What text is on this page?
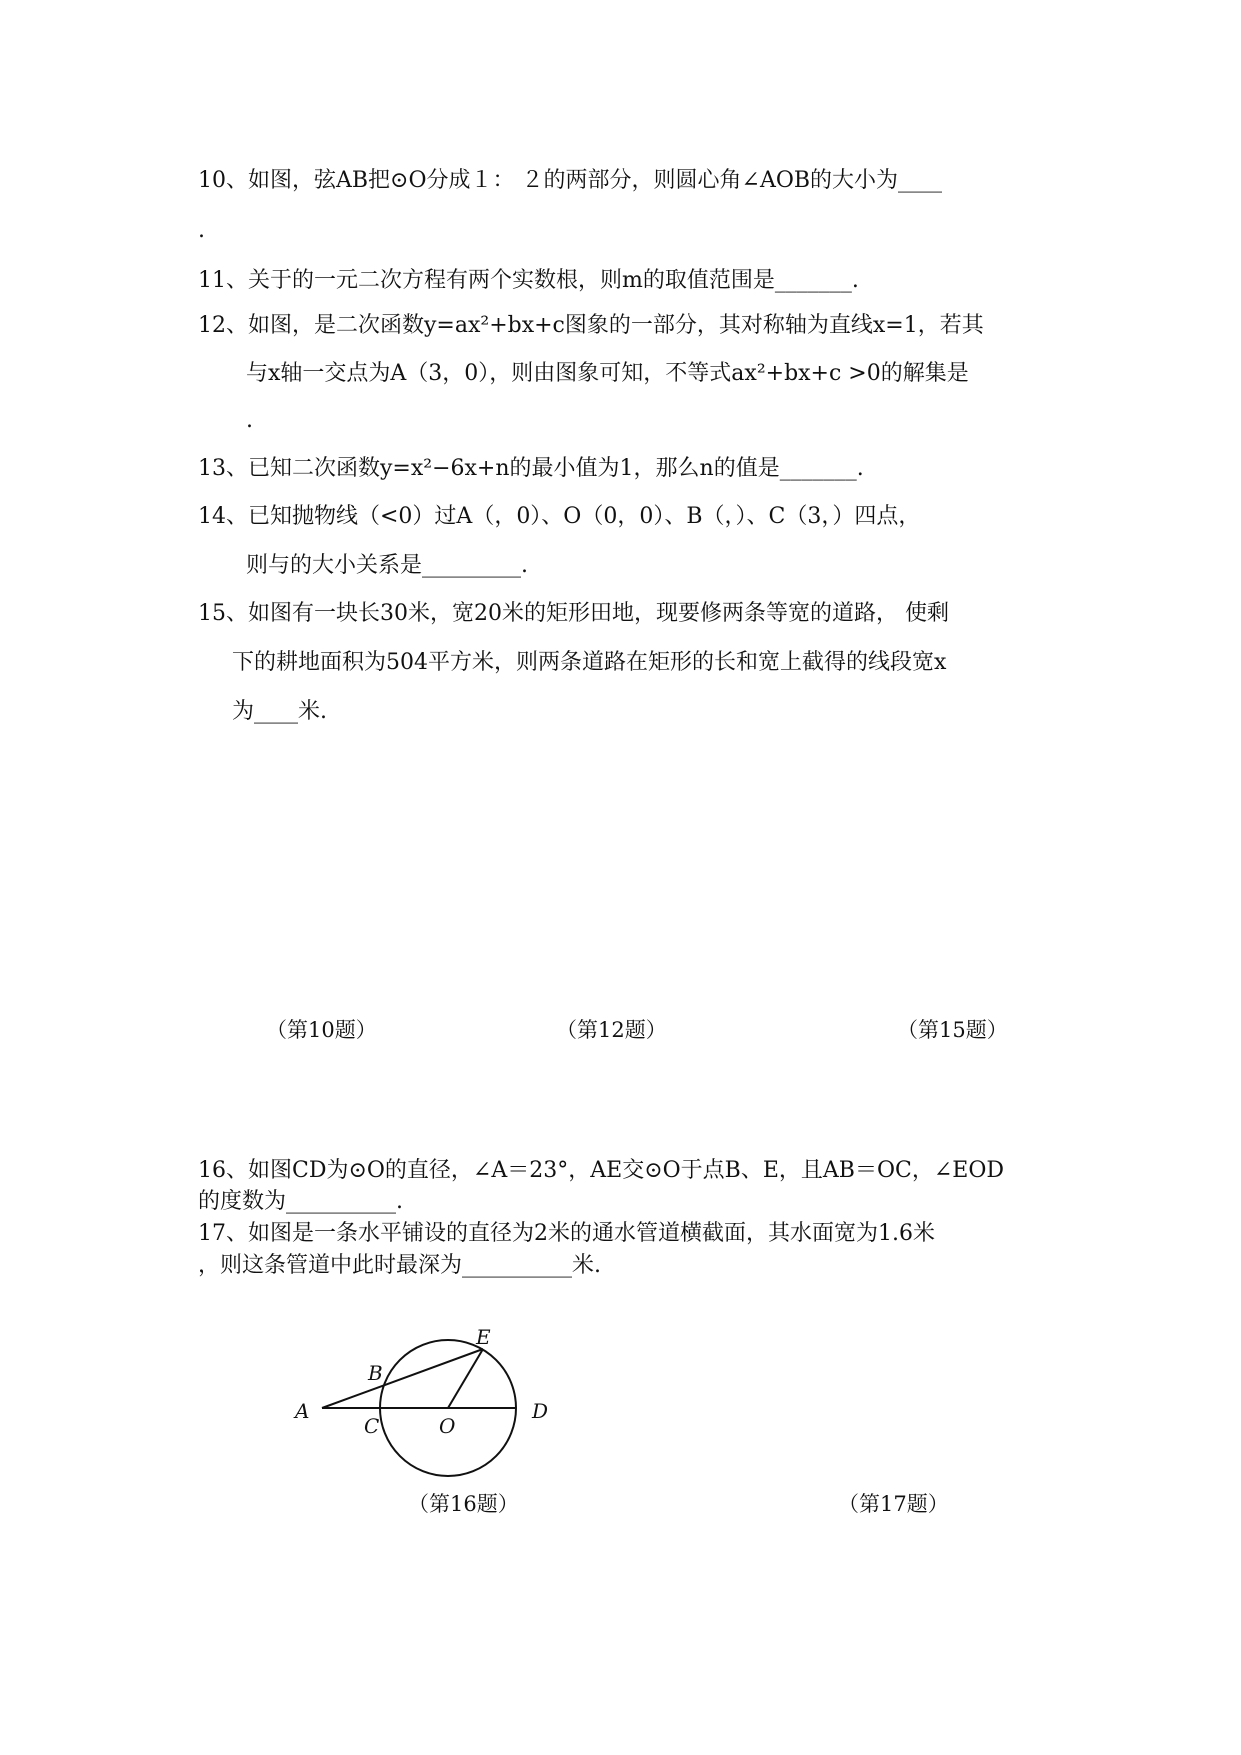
10、如图，弦AB把⊙O分成１： ２的两部分，则圆心角∠AOB的大小为____
.
11、关于的一元二次方程有两个实数根，则m的取值范围是_______.
12、如图，是二次函数y=ax²+bx+c图象的一部分，其对称轴为直线x=1，若其
与x轴一交点为A（3，0），则由图象可知，不等式ax²+bx+c >0的解集是
.
13、已知二次函数y=x²−6x+n的最小值为1，那么n的值是_______.
14、已知抛物线（<0）过A（，0）、O（0，0）、B（，）、C（3，）四点，
则与的大小关系是_________.
15、如图有一块长30米，宽20米的矩形田地，现要修两条等宽的道路， 使剩
下的耕地面积为504平方米，则两条道路在矩形的长和宽上截得的线段宽x
为____米.
（第10题）	（第12题）	（第15题）
16、如图CD为⊙O的直径，∠A＝23°，AE交⊙O于点B、E，且AB＝OC，∠EOD
的度数为__________.
17、如图是一条水平铺设的直径为2米的通水管道横截面，其水面宽为1.6米
，则这条管道中此时最深为__________米.
A
B
C	O
D
E
（第16题）	（第17题）
